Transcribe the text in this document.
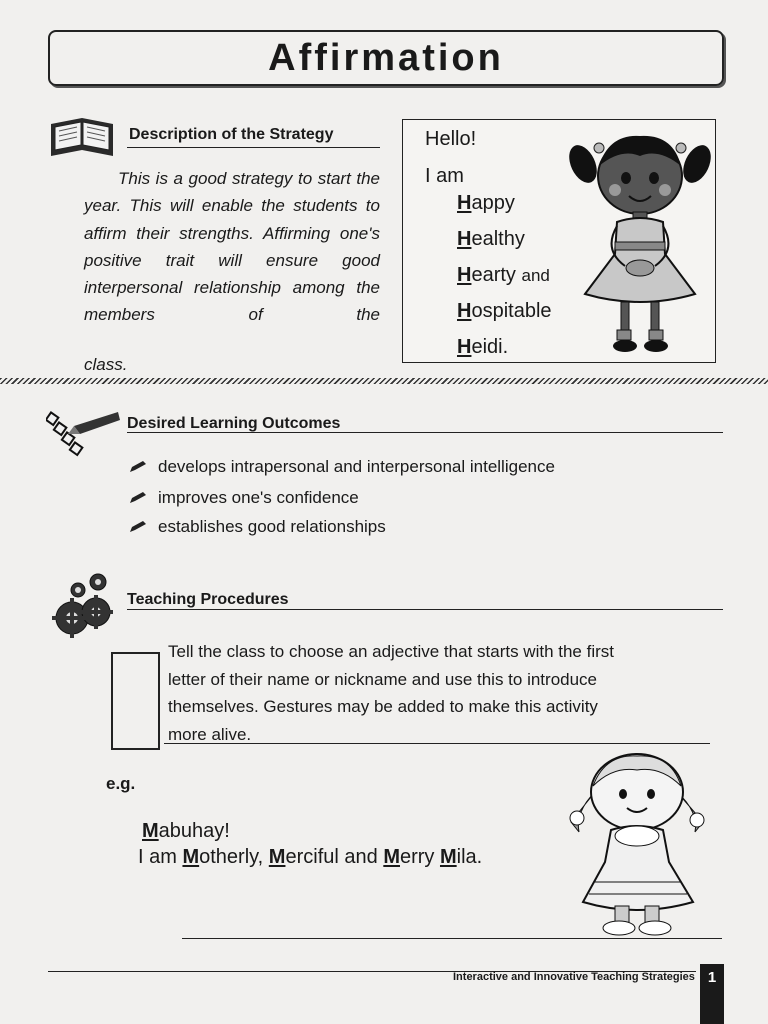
Affirmation
Description of the Strategy
This is a good strategy to start the year. This will enable the students to affirm their strengths. Affirming one's positive trait will ensure good interpersonal relationship among the members of the
class.
Hello!
I am
Happy
Healthy
Hearty and
Hospitable
Heidi.
Desired Learning Outcomes
develops intrapersonal and interpersonal intelligence
improves one's confidence
establishes good relationships
Teaching Procedures
Tell the class to choose an adjective that starts with the first
letter of their name or nickname and use this to introduce
themselves. Gestures may be added to make this activity
more alive.
e.g.
Mabuhay!
I am Motherly, Merciful and Merry Mila.
Interactive and Innovative Teaching Strategies 1
